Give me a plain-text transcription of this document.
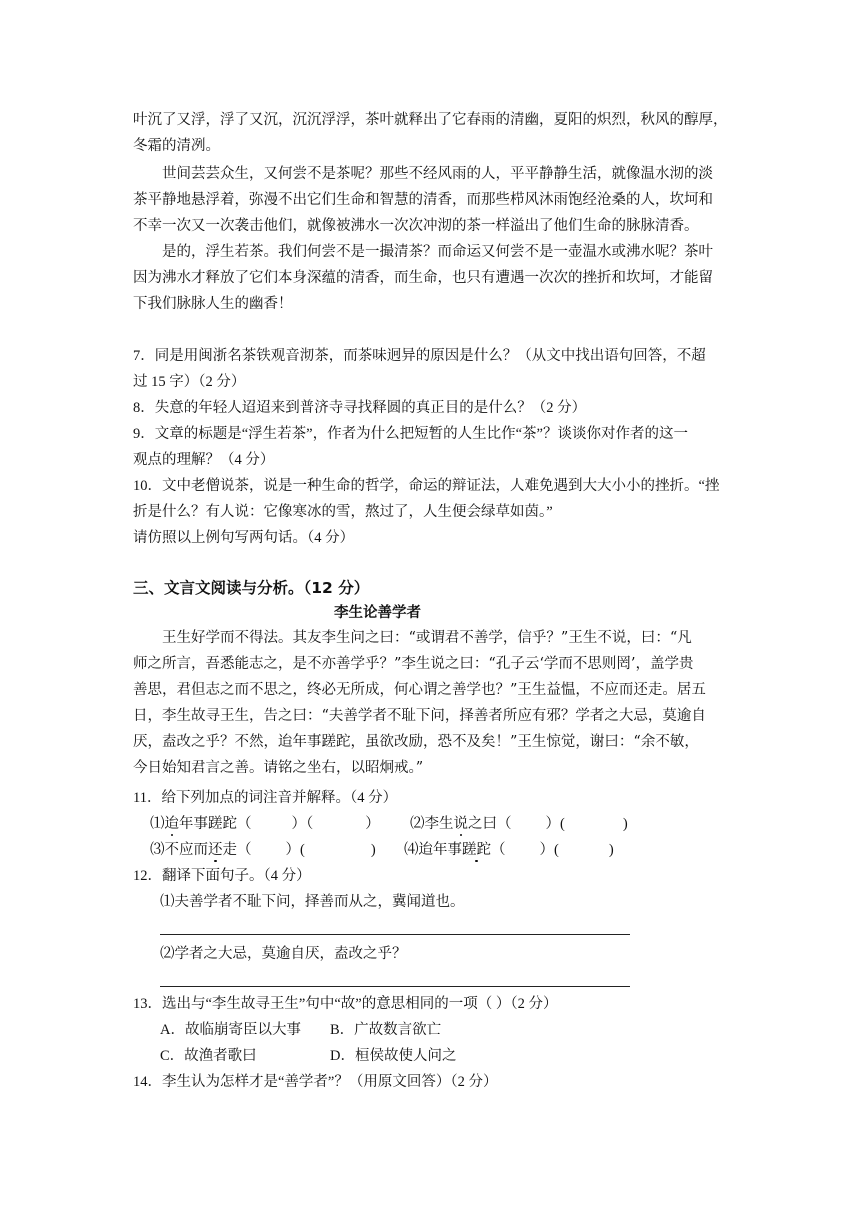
叶沉了又浮，浮了又沉，沉沉浮浮，茶叶就释出了它春雨的清幽，夏阳的炽烈，秋风的醇厚，
冬霜的清冽。
世间芸芸众生，又何尝不是茶呢？那些不经风雨的人，平平静静生活，就像温水沏的淡
茶平静地悬浮着，弥漫不出它们生命和智慧的清香，而那些栉风沐雨饱经沧桑的人，坎坷和
不幸一次又一次袭击他们，就像被沸水一次次冲沏的茶一样溢出了他们生命的脉脉清香。
是的，浮生若茶。我们何尝不是一撮清茶？而命运又何尝不是一壶温水或沸水呢？茶叶
因为沸水才释放了它们本身深蕴的清香，而生命，也只有遭遇一次次的挫折和坎坷，才能留
下我们脉脉人生的幽香！
7．同是用闽浙名茶铁观音沏茶，而茶味迥异的原因是什么？（从文中找出语句回答，不超
过 15 字）（2 分）
8．失意的年轻人迢迢来到普济寺寻找释圆的真正目的是什么？（2 分）
9．文章的标题是“浮生若茶”，作者为什么把短暂的人生比作“茶”？谈谈你对作者的这一
观点的理解？（4 分）
10．文中老僧说茶，说是一种生命的哲学，命运的辩证法，人难免遇到大大小小的挫折。“挫
折是什么？有人说：它像寒冰的雪，熬过了，人生便会绿草如茵。”
请仿照以上例句写两句话。（4 分）
三、文言文阅读与分析。（12 分）
李生论善学者
王生好学而不得法。其友李生问之曰：“或谓君不善学，信乎？”王生不说，曰：“凡
师之所言，吾悉能志之，是不亦善学乎？”李生说之曰：“孔子云‘学而不思则罔’，盖学贵
善思，君但志之而不思之，终必无所成，何心谓之善学也？”王生益愠，不应而还走。居五
日，李生故寻王生，告之曰：“夫善学者不耻下问，择善者所应有邪？学者之大忌，莫逾自
厌，盍改之乎？不然，迨年事蹉跎，虽欲改励，恐不及矣！”王生惊觉，谢曰：“余不敏，
今日始知君言之善。请铭之坐右，以昭炯戒。”
11．给下列加点的词注音并解释。（4 分）
⑴迨年事蹉跎（	）（	） ⑵李生说之曰（ ）(	)
⑶不应而还走（ ）(	) ⑷迨年事蹉跎（ ）(	)
12．翻译下面句子。（4 分）
⑴夫善学者不耻下问，择善而从之，冀闻道也。
⑵学者之大忌，莫逾自厌，盍改之乎？
13．选出与“李生故寻王生”句中“故”的意思相同的一项（ ）（2 分）
A．故临崩寄臣以大事 B．广故数言欲亡
C．故渔者歌曰	D．桓侯故使人问之
14．李生认为怎样才是“善学者”？（用原文回答）（2 分）
